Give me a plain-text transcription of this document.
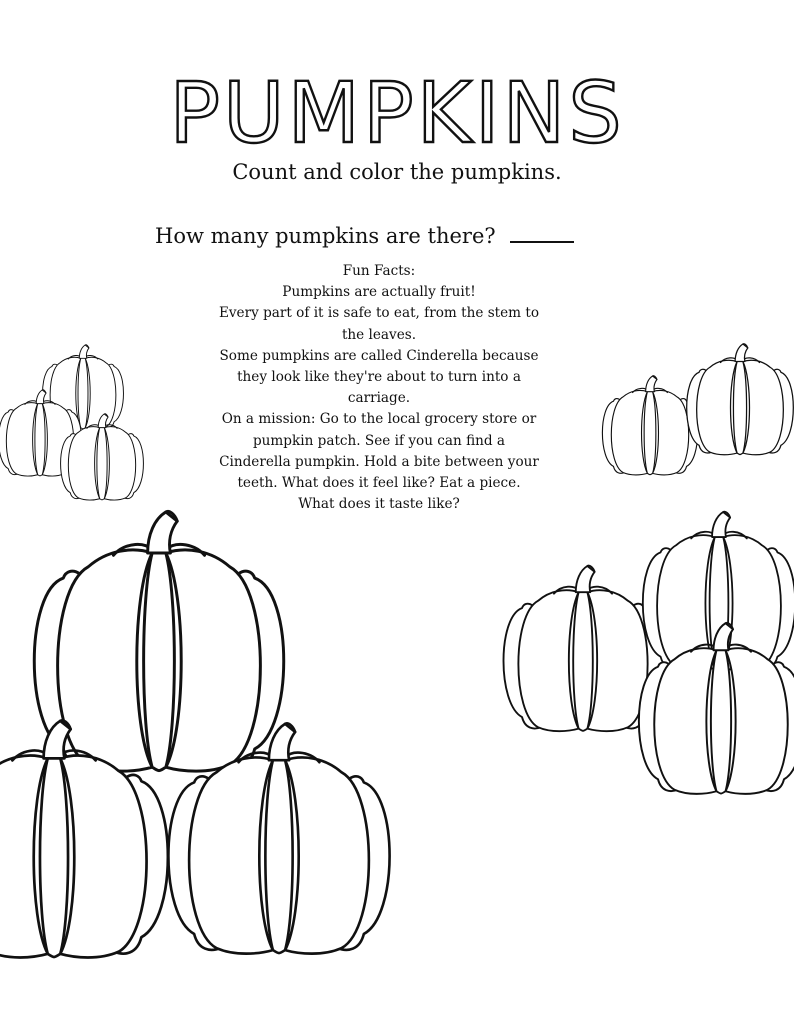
PUMPKINS
Count and color the pumpkins.
How many pumpkins are there?
Fun Facts:
Pumpkins are actually fruit!
Every part of it is safe to eat, from the stem to
the leaves.
Some pumpkins are called Cinderella because
they look like they're about to turn into a
carriage.
On a mission: Go to the local grocery store or
pumpkin patch. See if you can find a
Cinderella pumpkin. Hold a bite between your
teeth. What does it feel like? Eat a piece.
What does it taste like?
